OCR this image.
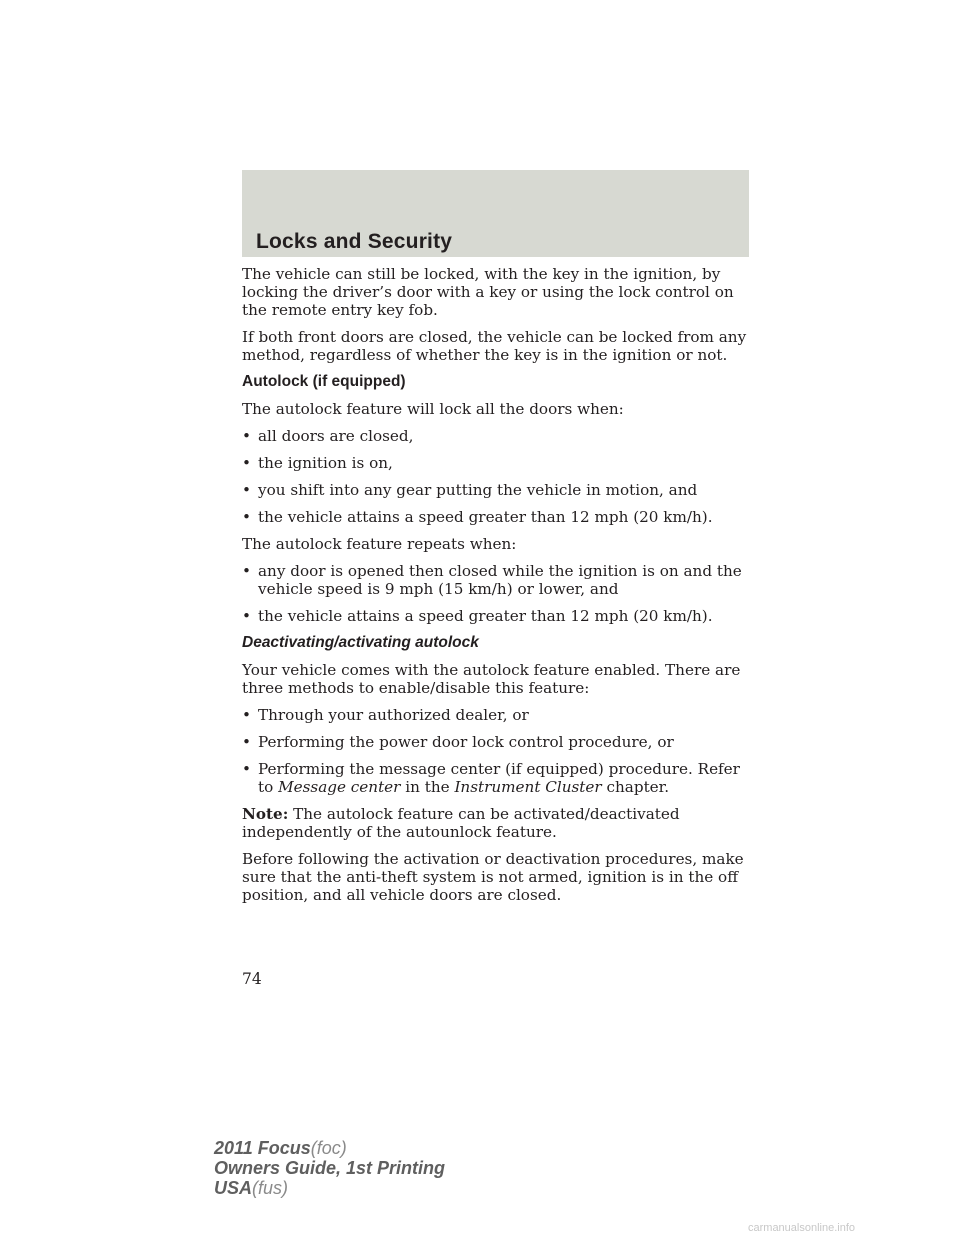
Locks and Security

The vehicle can still be locked, with the key in the ignition, by locking the driver’s door with a key or using the lock control on the remote entry key fob.

If both front doors are closed, the vehicle can be locked from any method, regardless of whether the key is in the ignition or not.

Autolock (if equipped)

The autolock feature will lock all the doors when:

• all doors are closed,
• the ignition is on,
• you shift into any gear putting the vehicle in motion, and
• the vehicle attains a speed greater than 12 mph (20 km/h).

The autolock feature repeats when:

• any door is opened then closed while the ignition is on and the vehicle speed is 9 mph (15 km/h) or lower, and
• the vehicle attains a speed greater than 12 mph (20 km/h).
Deactivating/activating autolock

Your vehicle comes with the autolock feature enabled. There are three methods to enable/disable this feature:

• Through your authorized dealer, or
• Performing the power door lock control procedure, or
• Performing the message center (if equipped) procedure. Refer to Message center in the Instrument Cluster chapter.

Note: The autolock feature can be activated/deactivated independently of the autounlock feature.

Before following the activation or deactivation procedures, make sure that the anti-theft system is not armed, ignition is in the off position, and all vehicle doors are closed.

74
2011 Focus(foc)
Owners Guide, 1st Printing
USA(fus)
carmanualsonline.info
